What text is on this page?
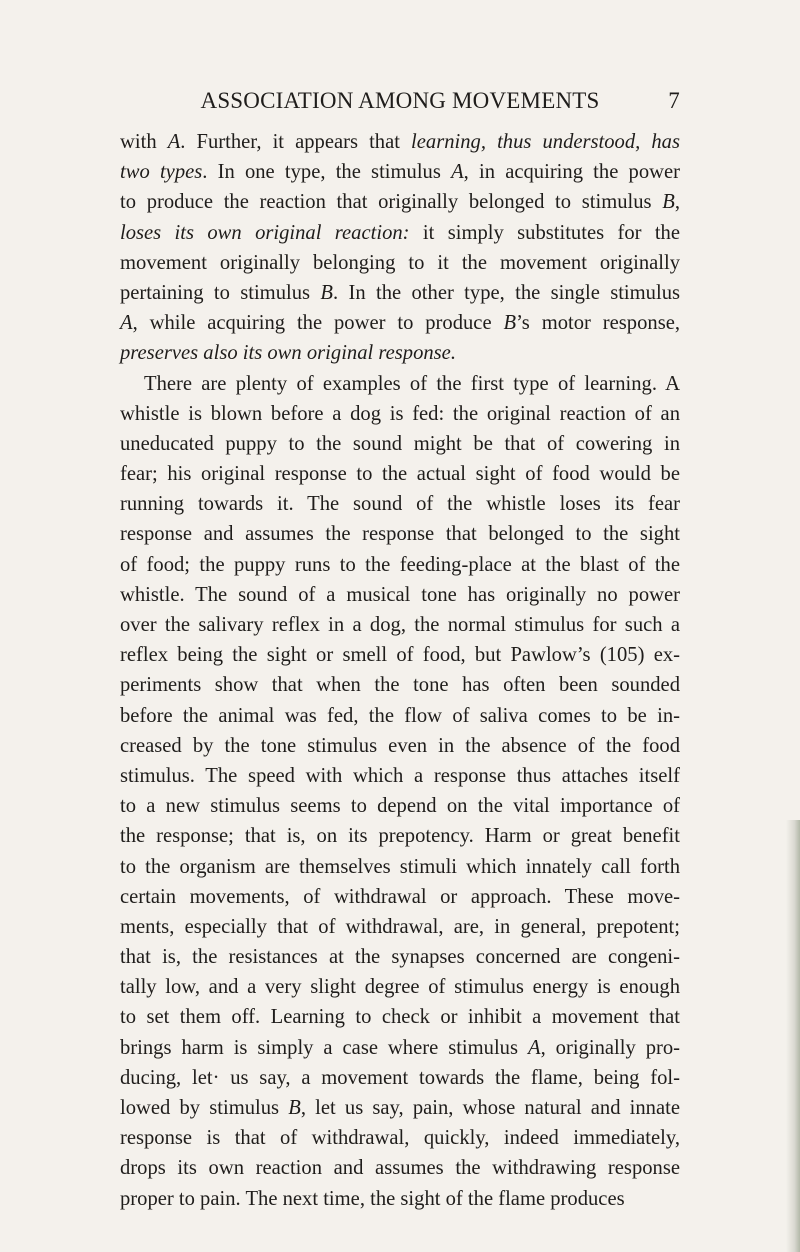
ASSOCIATION AMONG MOVEMENTS	7
with A. Further, it appears that learning, thus understood, has
two types. In one type, the stimulus A, in acquiring the power
to produce the reaction that originally belonged to stimulus B,
loses its own original reaction: it simply substitutes for the
movement originally belonging to it the movement originally
pertaining to stimulus B. In the other type, the single stimulus
A, while acquiring the power to produce B’s motor response,
preserves also its own original response.
There are plenty of examples of the first type of learning. A
whistle is blown before a dog is fed: the original reaction of an
uneducated puppy to the sound might be that of cowering in
fear; his original response to the actual sight of food would be
running towards it. The sound of the whistle loses its fear
response and assumes the response that belonged to the sight
of food; the puppy runs to the feeding-place at the blast of the
whistle. The sound of a musical tone has originally no power
over the salivary reflex in a dog, the normal stimulus for such a
reflex being the sight or smell of food, but Pawlow’s (105) ex-
periments show that when the tone has often been sounded
before the animal was fed, the flow of saliva comes to be in-
creased by the tone stimulus even in the absence of the food
stimulus. The speed with which a response thus attaches itself
to a new stimulus seems to depend on the vital importance of
the response; that is, on its prepotency. Harm or great benefit
to the organism are themselves stimuli which innately call forth
certain movements, of withdrawal or approach. These move-
ments, especially that of withdrawal, are, in general, prepotent;
that is, the resistances at the synapses concerned are congeni-
tally low, and a very slight degree of stimulus energy is enough
to set them off. Learning to check or inhibit a movement that
brings harm is simply a case where stimulus A, originally pro-
ducing, let· us say, a movement towards the flame, being fol-
lowed by stimulus B, let us say, pain, whose natural and innate
response is that of withdrawal, quickly, indeed immediately,
drops its own reaction and assumes the withdrawing response
proper to pain. The next time, the sight of the flame produces
